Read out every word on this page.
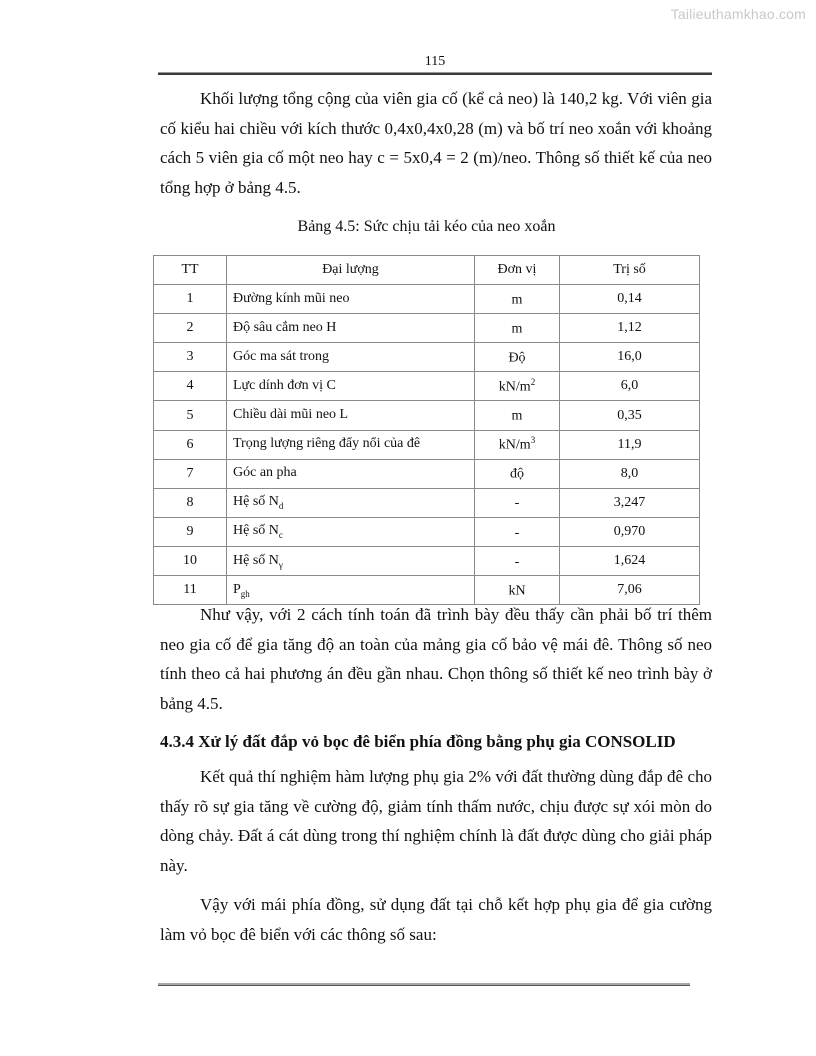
Tailieuthamkhao.com
115

Khối lượng tổng cộng của viên gia cố (kể cả neo) là 140,2 kg. Với viên gia cố kiểu hai chiều với kích thước 0,4x0,4x0,28 (m) và bố trí neo xoắn với khoảng cách 5 viên gia cố một neo hay c = 5x0,4 = 2 (m)/neo. Thông số thiết kế của neo tổng hợp ở bảng 4.5.

Bảng 4.5: Sức chịu tải kéo của neo xoắn
TT	Đại lượng	Đơn vị	Trị số
1	Đường kính mũi neo	m	0,14
2	Độ sâu cắm neo H	m	1,12
3	Góc ma sát trong	Độ	16,0
4	Lực dính đơn vị C	$kN/m^2$	6,0
5	Chiều dài mũi neo L	m	0,35
6	Trọng lượng riêng đẩy nổi của đê	$kN/m^3$	11,9
7	Góc an pha	độ	8,0
8	Hệ số $N_d$	-	3,247
9	Hệ số $N_c$	-	0,970
10	Hệ số $N_\gamma$	-	1,624
11	$P_{gh}$	kN	7,06

Như vậy, với 2 cách tính toán đã trình bày đều thấy cần phải bố trí thêm neo gia cố để gia tăng độ an toàn của mảng gia cố bảo vệ mái đê. Thông số neo tính theo cả hai phương án đều gần nhau. Chọn thông số thiết kế neo trình bày ở bảng 4.5.

4.3.4 Xử lý đất đắp vỏ bọc đê biển phía đồng bằng phụ gia CONSOLID

Kết quả thí nghiệm hàm lượng phụ gia 2% với đất thường dùng đắp đê cho thấy rõ sự gia tăng về cường độ, giảm tính thấm nước, chịu được sự xói mòn do dòng chảy. Đất á cát dùng trong thí nghiệm chính là đất được dùng cho giải pháp này.

Vậy với mái phía đồng, sử dụng đất tại chỗ kết hợp phụ gia để gia cường làm vỏ bọc đê biển với các thông số sau:
